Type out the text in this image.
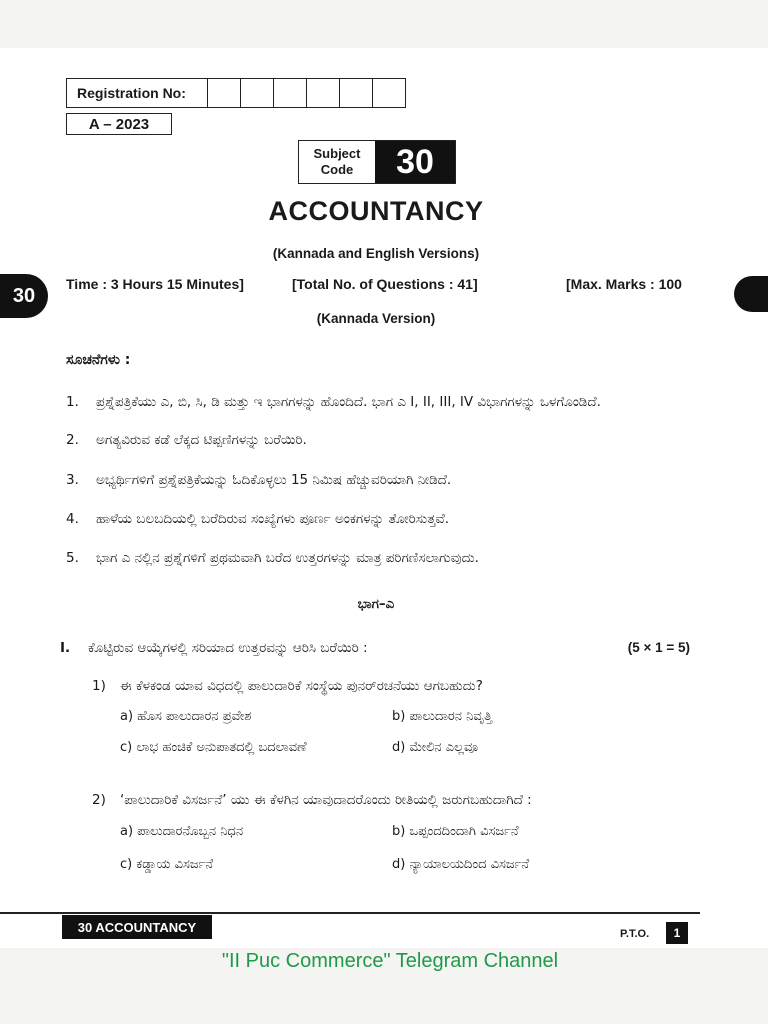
Registration No:
A – 2023
Subject
Code	30
30
ACCOUNTANCY
(Kannada and English Versions)
Time : 3 Hours 15 Minutes]	[Total No. of Questions : 41]	[Max. Marks : 100
(Kannada Version)
ಸೂಚನೆಗಳು :
1.	ಪ್ರಶ್ನೆಪತ್ರಿಕೆಯು ಎ, ಬಿ, ಸಿ, ಡಿ ಮತ್ತು ಇ ಭಾಗಗಳನ್ನು ಹೊಂದಿದೆ. ಭಾಗ ಎ I, II, III, IV ವಿಭಾಗಗಳನ್ನು ಒಳಗೊಂಡಿದೆ.
2.	ಅಗತ್ಯವಿರುವ ಕಡೆ ಲೆಕ್ಕದ ಟಿಪ್ಪಣಿಗಳನ್ನು ಬರೆಯಿರಿ.
3.	ಅಭ್ಯರ್ಥಿಗಳಿಗೆ ಪ್ರಶ್ನೆಪತ್ರಿಕೆಯನ್ನು ಓದಿಕೊಳ್ಳಲು 15 ನಿಮಿಷ ಹೆಚ್ಚುವರಿಯಾಗಿ ನೀಡಿದೆ.
4.	ಹಾಳೆಯ ಬಲಬದಿಯಲ್ಲಿ ಬರೆದಿರುವ ಸಂಖ್ಯೆಗಳು ಪೂರ್ಣ ಅಂಕಗಳನ್ನು ತೋರಿಸುತ್ತವೆ.
5.	ಭಾಗ ಎ ನಲ್ಲಿನ ಪ್ರಶ್ನೆಗಳಿಗೆ ಪ್ರಥಮವಾಗಿ ಬರೆದ ಉತ್ತರಗಳನ್ನು ಮಾತ್ರ ಪರಿಗಣಿಸಲಾಗುವುದು.
ಭಾಗ–ಎ
I. ಕೊಟ್ಟಿರುವ ಆಯ್ಕೆಗಳಲ್ಲಿ ಸರಿಯಾದ ಉತ್ತರವನ್ನು ಆರಿಸಿ ಬರೆಯಿರಿ :	(5 × 1 = 5)
1) ಈ ಕೆಳಕಂಡ ಯಾವ ವಿಧದಲ್ಲಿ ಪಾಲುದಾರಿಕೆ ಸಂಸ್ಥೆಯ ಪುನರ್‌ರಚನೆಯು ಆಗಬಹುದು?
a) ಹೊಸ ಪಾಲುದಾರನ ಪ್ರವೇಶ	b) ಪಾಲುದಾರನ ನಿವೃತ್ತಿ
c) ಲಾಭ ಹಂಚಿಕೆ ಅನುಪಾತದಲ್ಲಿ ಬದಲಾವಣೆ	d) ಮೇಲಿನ ಎಲ್ಲವೂ
2) ‘ಪಾಲುದಾರಿಕೆ ವಿಸರ್ಜನೆ’ ಯು ಈ ಕೆಳಗಿನ ಯಾವುದಾದರೊಂದು ರೀತಿಯಲ್ಲಿ ಜರುಗಬಹುದಾಗಿದೆ :
a) ಪಾಲುದಾರನೊಬ್ಬನ ನಿಧನ	b) ಒಪ್ಪಂದದಿಂದಾಗಿ ವಿಸರ್ಜನೆ
c) ಕಡ್ಡಾಯ ವಿಸರ್ಜನೆ	d) ನ್ಯಾಯಾಲಯದಿಂದ ವಿಸರ್ಜನೆ
30 ACCOUNTANCY	P.T.O.	1
"II Puc Commerce" Telegram Channel
